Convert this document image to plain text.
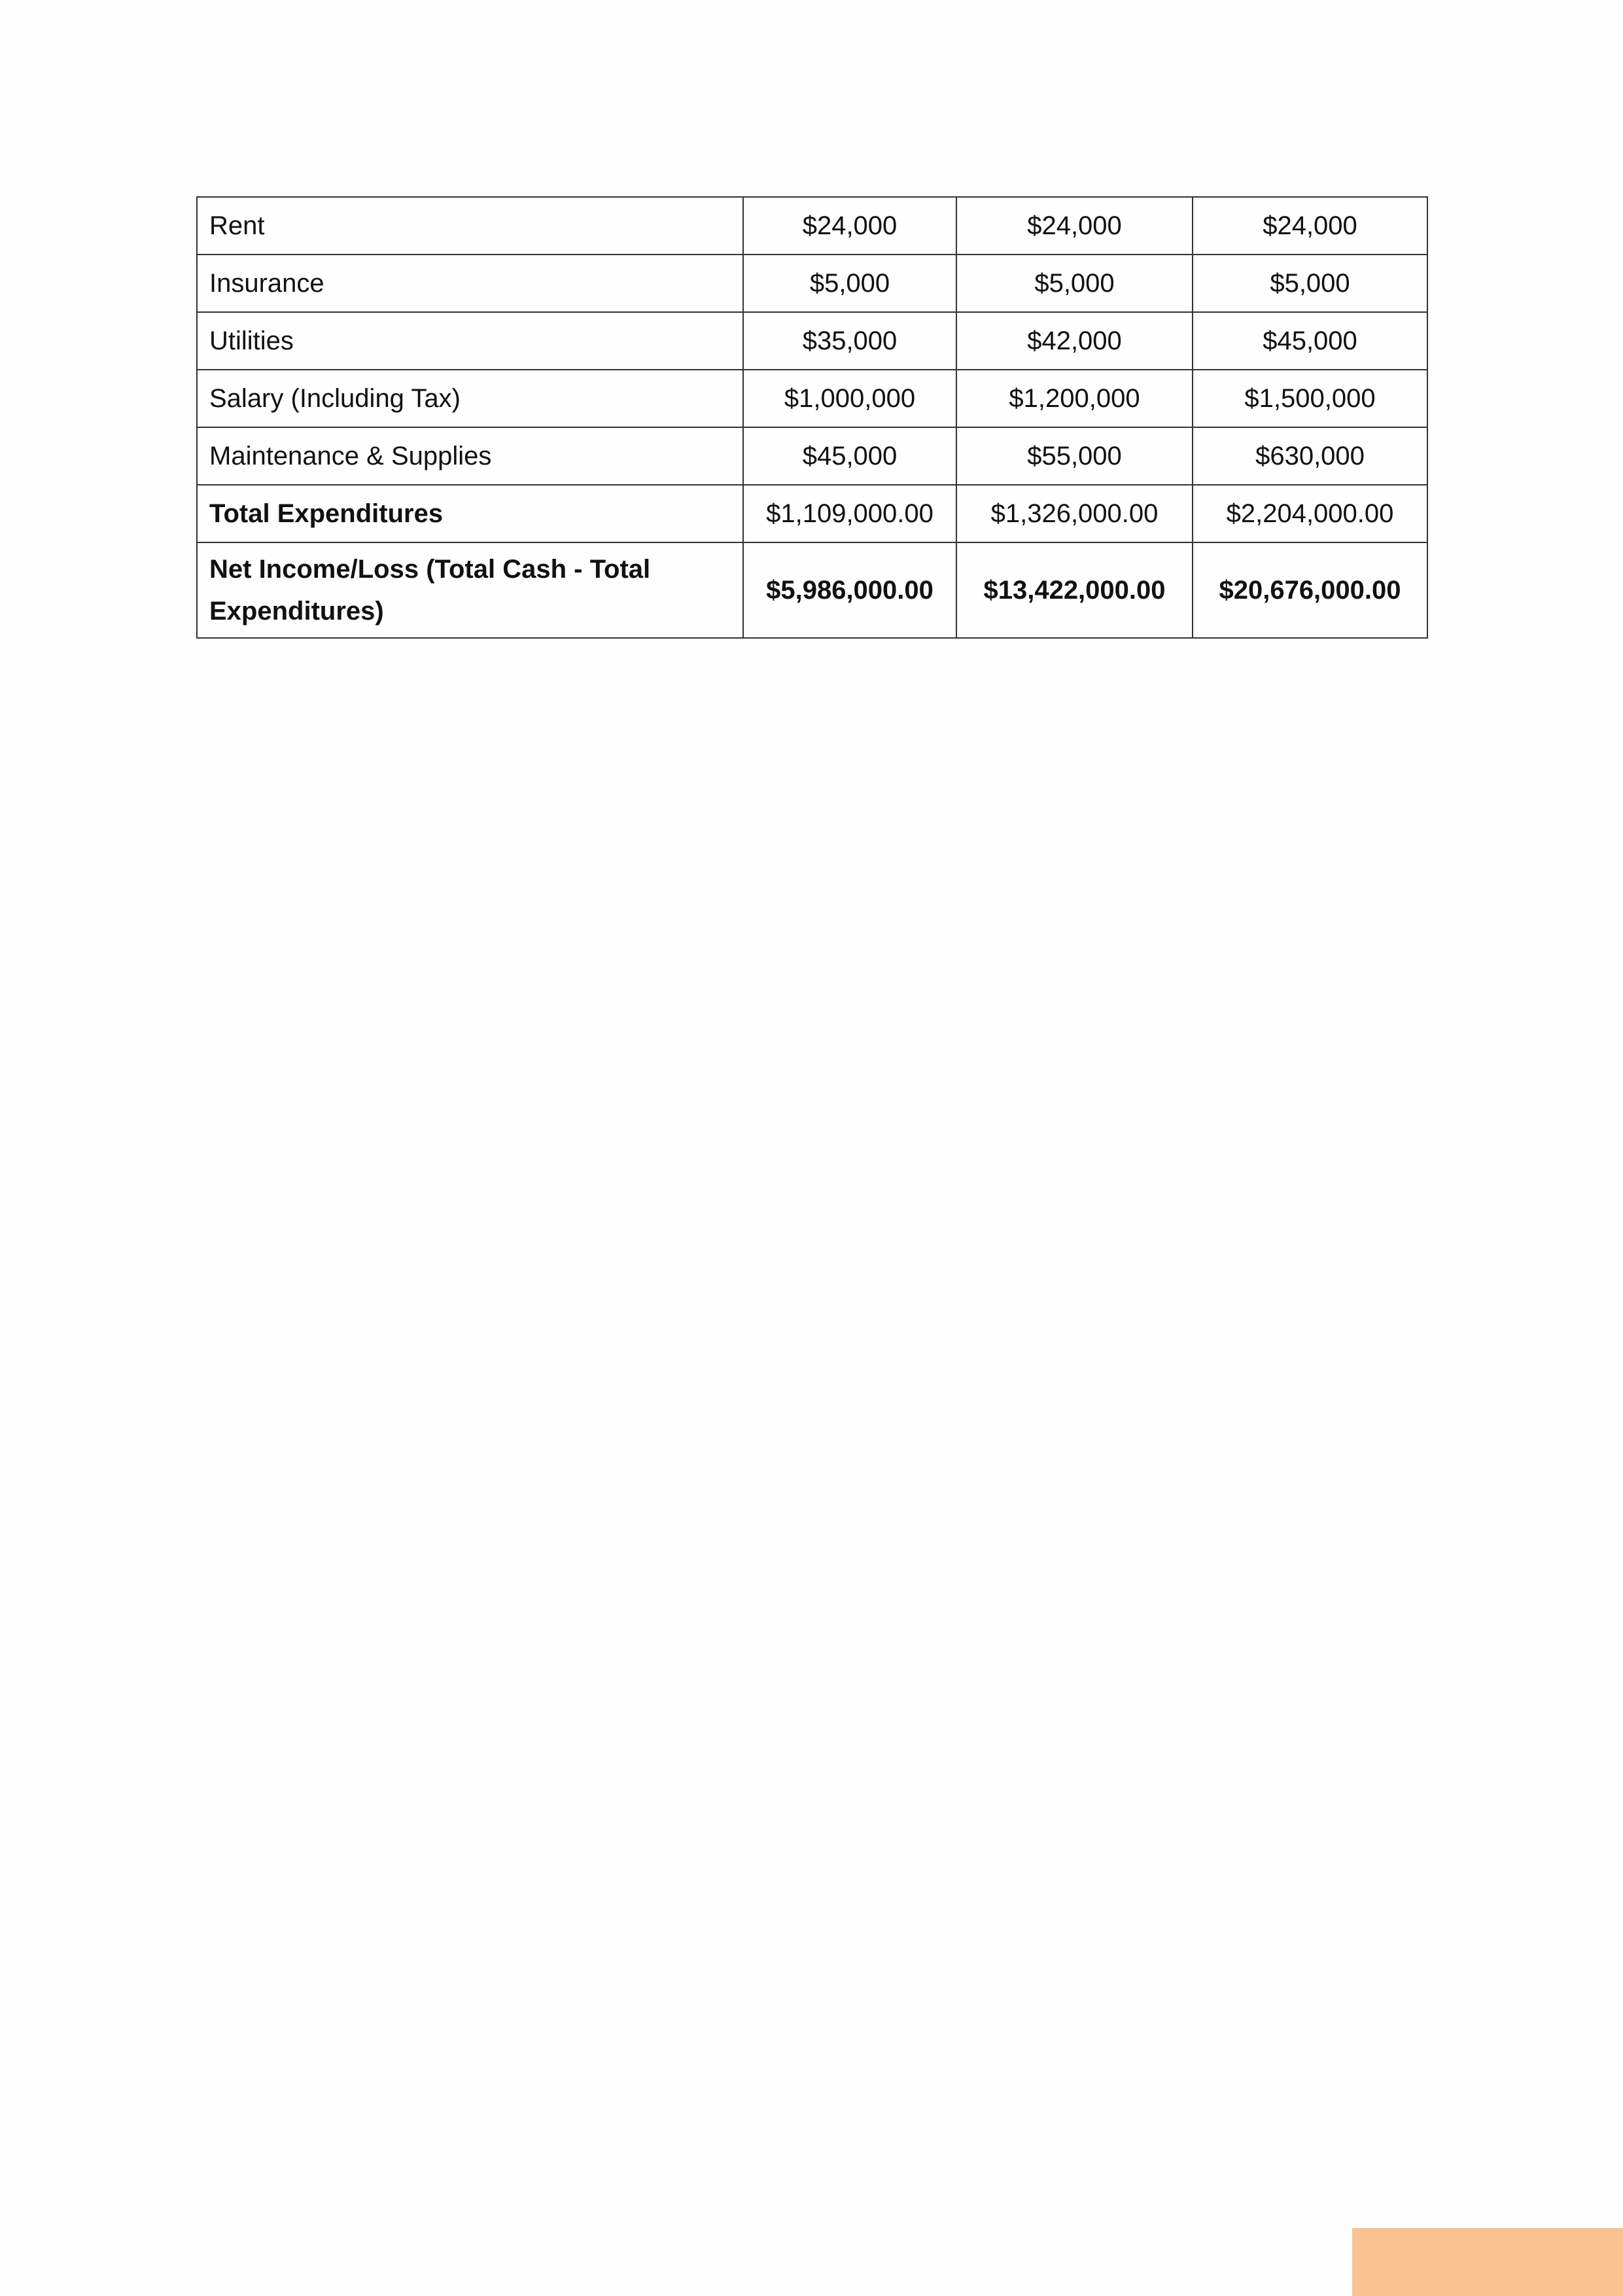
Rent	$24,000	$24,000	$24,000
Insurance	$5,000	$5,000	$5,000
Utilities	$35,000	$42,000	$45,000
Salary (Including Tax)	$1,000,000	$1,200,000	$1,500,000
Maintenance & Supplies	$45,000	$55,000	$630,000
Total Expenditures	$1,109,000.00	$1,326,000.00	$2,204,000.00
Net Income/Loss (Total Cash - Total Expenditures)	$5,986,000.00	$13,422,000.00	$20,676,000.00
